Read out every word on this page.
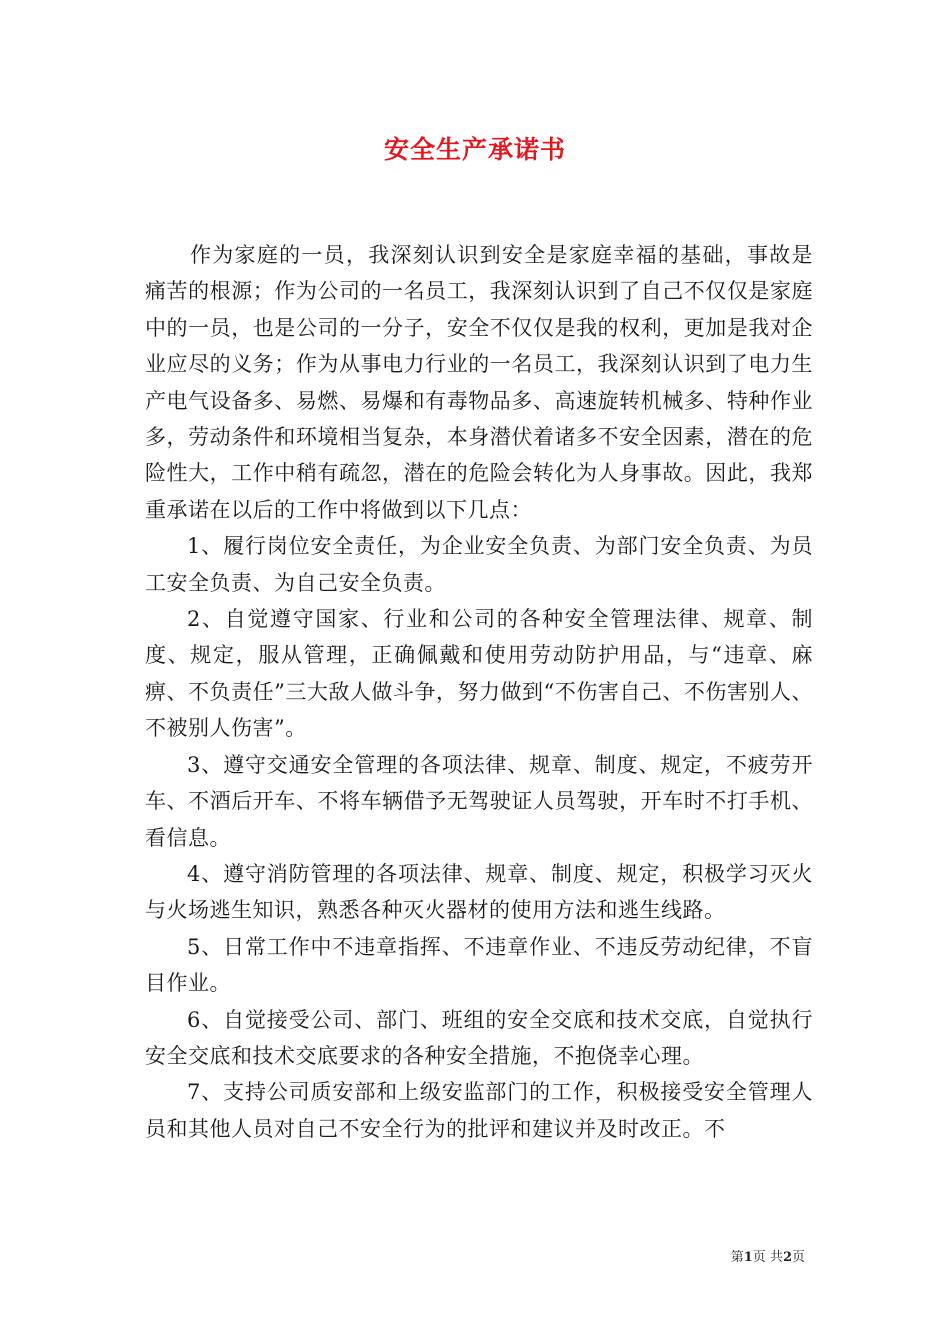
安全生产承诺书

作为家庭的一员，我深刻认识到安全是家庭幸福的基础，事故是痛苦的根源；作为公司的一名员工，我深刻认识到了自己不仅仅是家庭中的一员，也是公司的一分子，安全不仅仅是我的权利，更加是我对企业应尽的义务；作为从事电力行业的一名员工，我深刻认识到了电力生产电气设备多、易燃、易爆和有毒物品多、高速旋转机械多、特种作业多，劳动条件和环境相当复杂，本身潜伏着诸多不安全因素，潜在的危险性大，工作中稍有疏忽，潜在的危险会转化为人身事故。因此，我郑重承诺在以后的工作中将做到以下几点：

1、履行岗位安全责任，为企业安全负责、为部门安全负责、为员工安全负责、为自己安全负责。

2、自觉遵守国家、行业和公司的各种安全管理法律、规章、制度、规定，服从管理，正确佩戴和使用劳动防护用品，与“违章、麻痹、不负责任”三大敌人做斗争，努力做到“不伤害自己、不伤害别人、不被别人伤害”。

3、遵守交通安全管理的各项法律、规章、制度、规定，不疲劳开车、不酒后开车、不将车辆借予无驾驶证人员驾驶，开车时不打手机、看信息。

4、遵守消防管理的各项法律、规章、制度、规定，积极学习灭火与火场逃生知识，熟悉各种灭火器材的使用方法和逃生线路。

5、日常工作中不违章指挥、不违章作业、不违反劳动纪律，不盲目作业。

6、自觉接受公司、部门、班组的安全交底和技术交底，自觉执行安全交底和技术交底要求的各种安全措施，不抱侥幸心理。

7、支持公司质安部和上级安监部门的工作，积极接受安全管理人员和其他人员对自己不安全行为的批评和建议并及时改正。不

第1页 共2页
